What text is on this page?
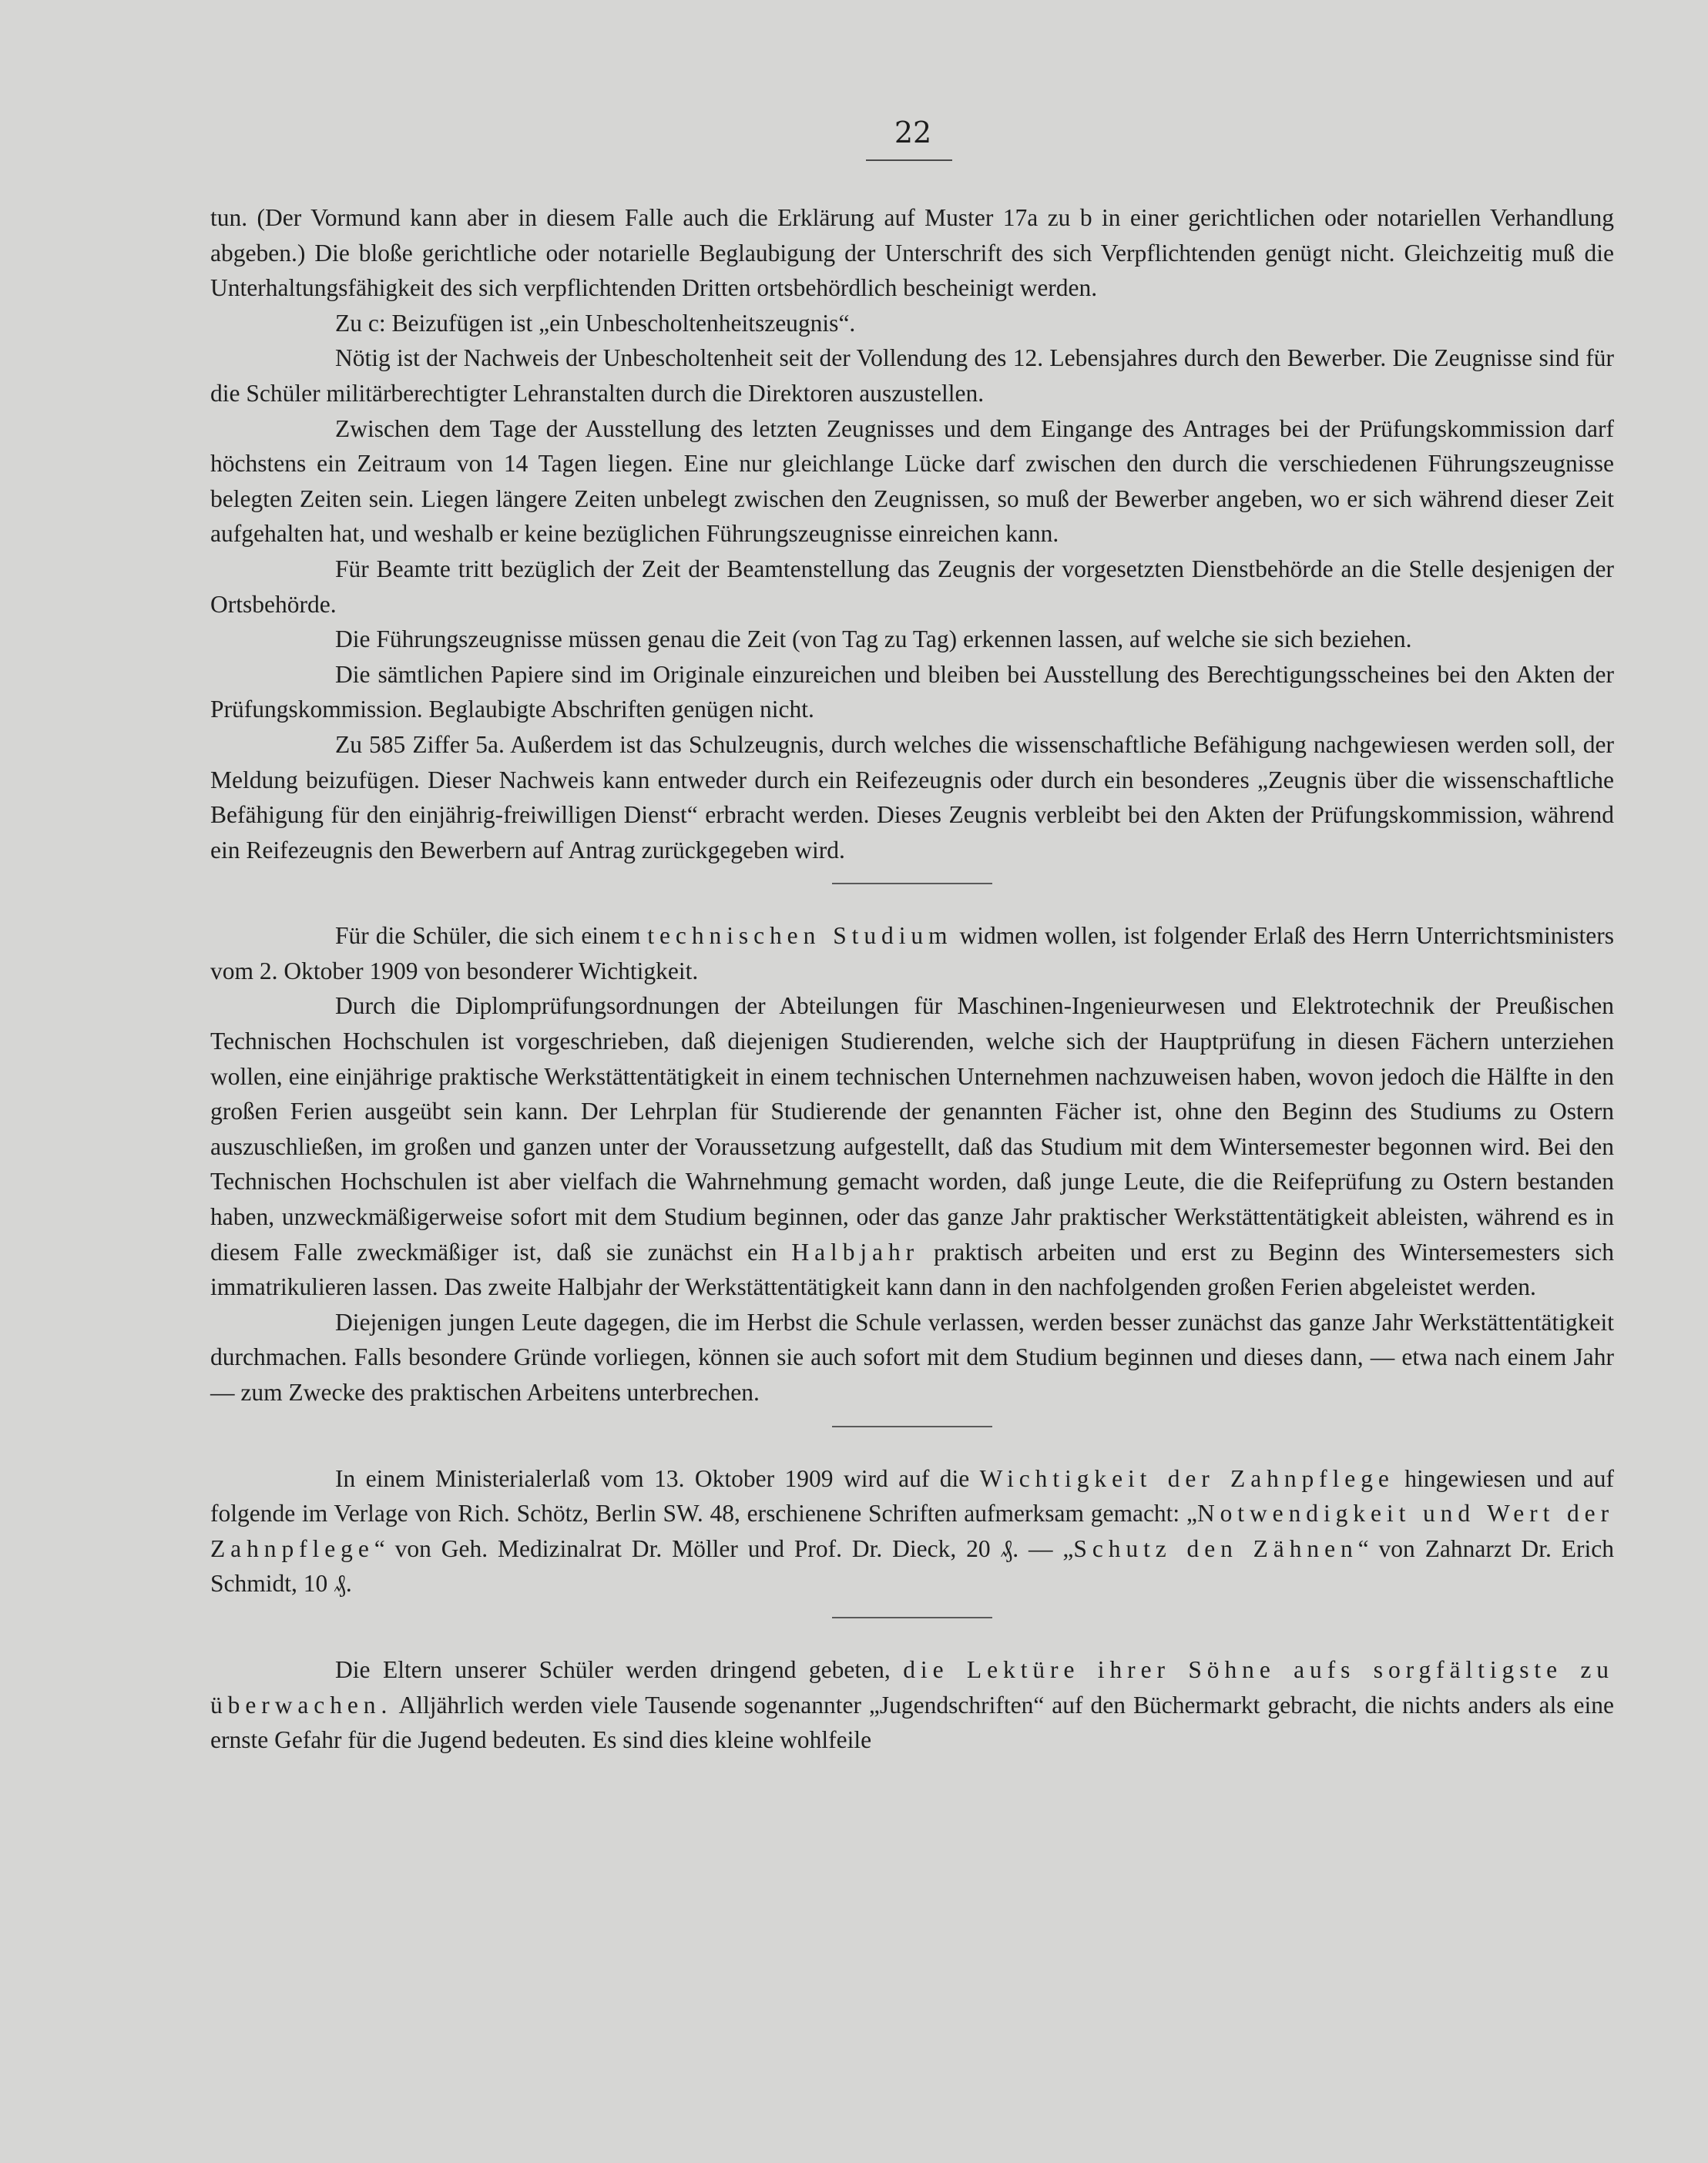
22

tun. (Der Vormund kann aber in diesem Falle auch die Erklärung auf Muster 17a zu b in einer gerichtlichen oder notariellen Verhandlung abgeben.) Die bloße gerichtliche oder notarielle Beglaubigung der Unterschrift des sich Verpflichtenden genügt nicht. Gleichzeitig muß die Unterhaltungsfähigkeit des sich verpflichtenden Dritten ortsbehördlich bescheinigt werden.

Zu c: Beizufügen ist „ein Unbescholtenheitszeugnis“.

Nötig ist der Nachweis der Unbescholtenheit seit der Vollendung des 12. Lebensjahres durch den Bewerber. Die Zeugnisse sind für die Schüler militärberechtigter Lehranstalten durch die Direktoren auszustellen.

Zwischen dem Tage der Ausstellung des letzten Zeugnisses und dem Eingange des Antrages bei der Prüfungskommission darf höchstens ein Zeitraum von 14 Tagen liegen. Eine nur gleichlange Lücke darf zwischen den durch die verschiedenen Führungszeugnisse belegten Zeiten sein. Liegen längere Zeiten unbelegt zwischen den Zeugnissen, so muß der Bewerber angeben, wo er sich während dieser Zeit aufgehalten hat, und weshalb er keine bezüglichen Führungszeugnisse einreichen kann.

Für Beamte tritt bezüglich der Zeit der Beamtenstellung das Zeugnis der vorgesetzten Dienstbehörde an die Stelle desjenigen der Ortsbehörde.

Die Führungszeugnisse müssen genau die Zeit (von Tag zu Tag) erkennen lassen, auf welche sie sich beziehen.

Die sämtlichen Papiere sind im Originale einzureichen und bleiben bei Ausstellung des Berechtigungsscheines bei den Akten der Prüfungskommission. Beglaubigte Abschriften genügen nicht.

Zu 585 Ziffer 5a. Außerdem ist das Schulzeugnis, durch welches die wissenschaftliche Befähigung nachgewiesen werden soll, der Meldung beizufügen. Dieser Nachweis kann entweder durch ein Reifezeugnis oder durch ein besonderes „Zeugnis über die wissenschaftliche Befähigung für den einjährig-freiwilligen Dienst“ erbracht werden. Dieses Zeugnis verbleibt bei den Akten der Prüfungskommission, während ein Reifezeugnis den Bewerbern auf Antrag zurückgegeben wird.

Für die Schüler, die sich einem technischen Studium widmen wollen, ist folgender Erlaß des Herrn Unterrichtsministers vom 2. Oktober 1909 von besonderer Wichtigkeit.

Durch die Diplomprüfungsordnungen der Abteilungen für Maschinen-Ingenieurwesen und Elektrotechnik der Preußischen Technischen Hochschulen ist vorgeschrieben, daß diejenigen Studierenden, welche sich der Hauptprüfung in diesen Fächern unterziehen wollen, eine einjährige praktische Werkstättentätigkeit in einem technischen Unternehmen nachzuweisen haben, wovon jedoch die Hälfte in den großen Ferien ausgeübt sein kann. Der Lehrplan für Studierende der genannten Fächer ist, ohne den Beginn des Studiums zu Ostern auszuschließen, im großen und ganzen unter der Voraussetzung aufgestellt, daß das Studium mit dem Wintersemester begonnen wird. Bei den Technischen Hochschulen ist aber vielfach die Wahrnehmung gemacht worden, daß junge Leute, die die Reifeprüfung zu Ostern bestanden haben, unzweckmäßigerweise sofort mit dem Studium beginnen, oder das ganze Jahr praktischer Werkstättentätigkeit ableisten, während es in diesem Falle zweckmäßiger ist, daß sie zunächst ein Halbjahr praktisch arbeiten und erst zu Beginn des Wintersemesters sich immatrikulieren lassen. Das zweite Halbjahr der Werkstättentätigkeit kann dann in den nachfolgenden großen Ferien abgeleistet werden.

Diejenigen jungen Leute dagegen, die im Herbst die Schule verlassen, werden besser zunächst das ganze Jahr Werkstättentätigkeit durchmachen. Falls besondere Gründe vorliegen, können sie auch sofort mit dem Studium beginnen und dieses dann, — etwa nach einem Jahr — zum Zwecke des praktischen Arbeitens unterbrechen.

In einem Ministerialerlaß vom 13. Oktober 1909 wird auf die Wichtigkeit der Zahnpflege hingewiesen und auf folgende im Verlage von Rich. Schötz, Berlin SW. 48, erschienene Schriften aufmerksam gemacht: „Notwendigkeit und Wert der Zahnpflege“ von Geh. Medizinalrat Dr. Möller und Prof. Dr. Dieck, 20 ₰. — „Schutz den Zähnen“ von Zahnarzt Dr. Erich Schmidt, 10 ₰.

Die Eltern unserer Schüler werden dringend gebeten, die Lektüre ihrer Söhne aufs sorgfältigste zu überwachen. Alljährlich werden viele Tausende sogenannter „Jugendschriften“ auf den Büchermarkt gebracht, die nichts anders als eine ernste Gefahr für die Jugend bedeuten. Es sind dies kleine wohlfeile
